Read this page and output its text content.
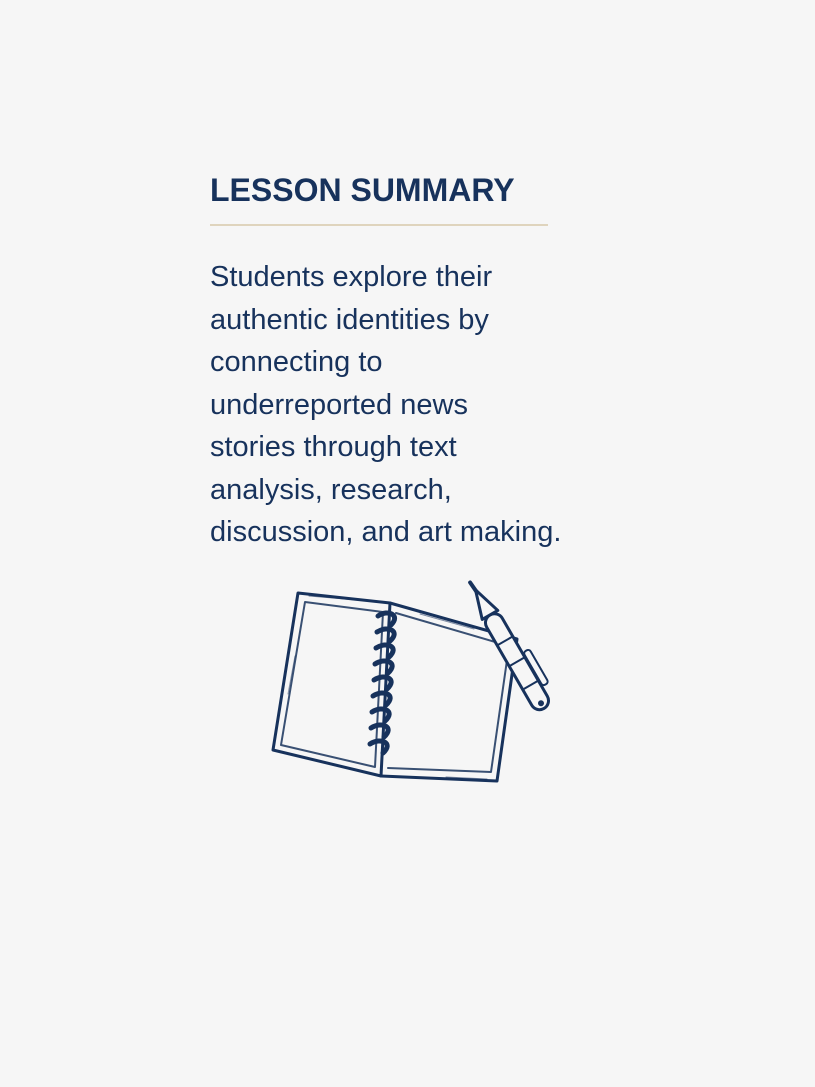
LESSON SUMMARY

Students explore their
authentic identities by
connecting to
underreported news
stories through text
analysis, research,
discussion, and art making.
